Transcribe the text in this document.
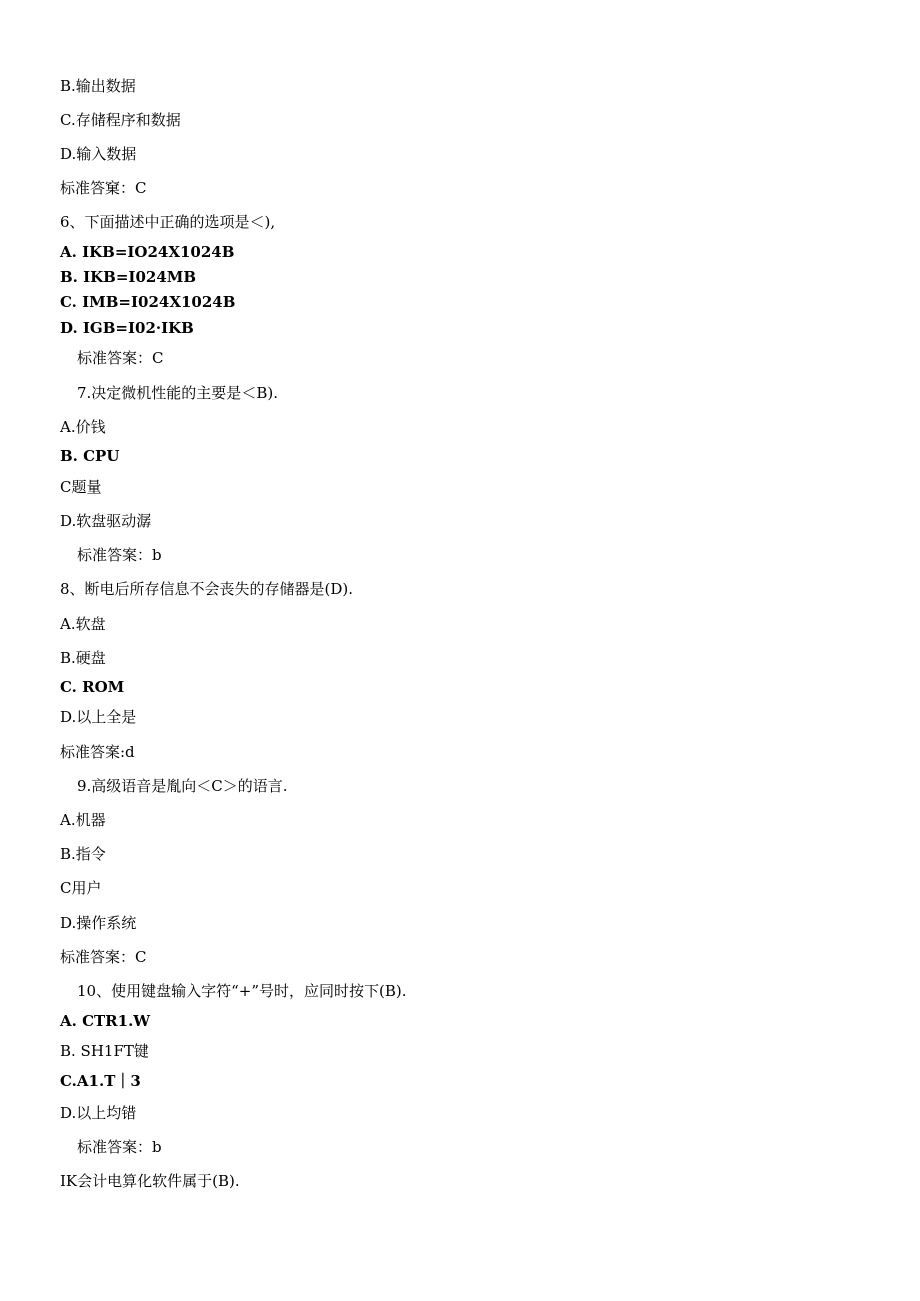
B.输出数据
C.存储程序和数据
D.输入数据
标准答窠：C
6、下面描述中正确的选项是＜),
A. IKB=IO24X1024B
B. IKB=I024MB
C. IMB=I024X1024B
D. IGB=I02·IKB
标准答案：C
7.决定微机性能的主要是＜B).
A.价钱
B. CPU
C题量
D.软盘驱动潺
标准答案：b
8、断电后所存信息不会丧失的存储器是(D).
A.软盘
B.硬盘
C. ROM
D.以上全是
标准答案:d
9.高级语音是胤向＜C＞的语言.
A.机器
B.指令
C用户
D.操作系统
标准答案：C
10、使用键盘输入字符“+”号时，应同时按下(B).
A. CTR1.W
B. SH1FT键
C.A1.T｜3
D.以上均错
标准答案：b
IK会计电算化软件属于(B).
